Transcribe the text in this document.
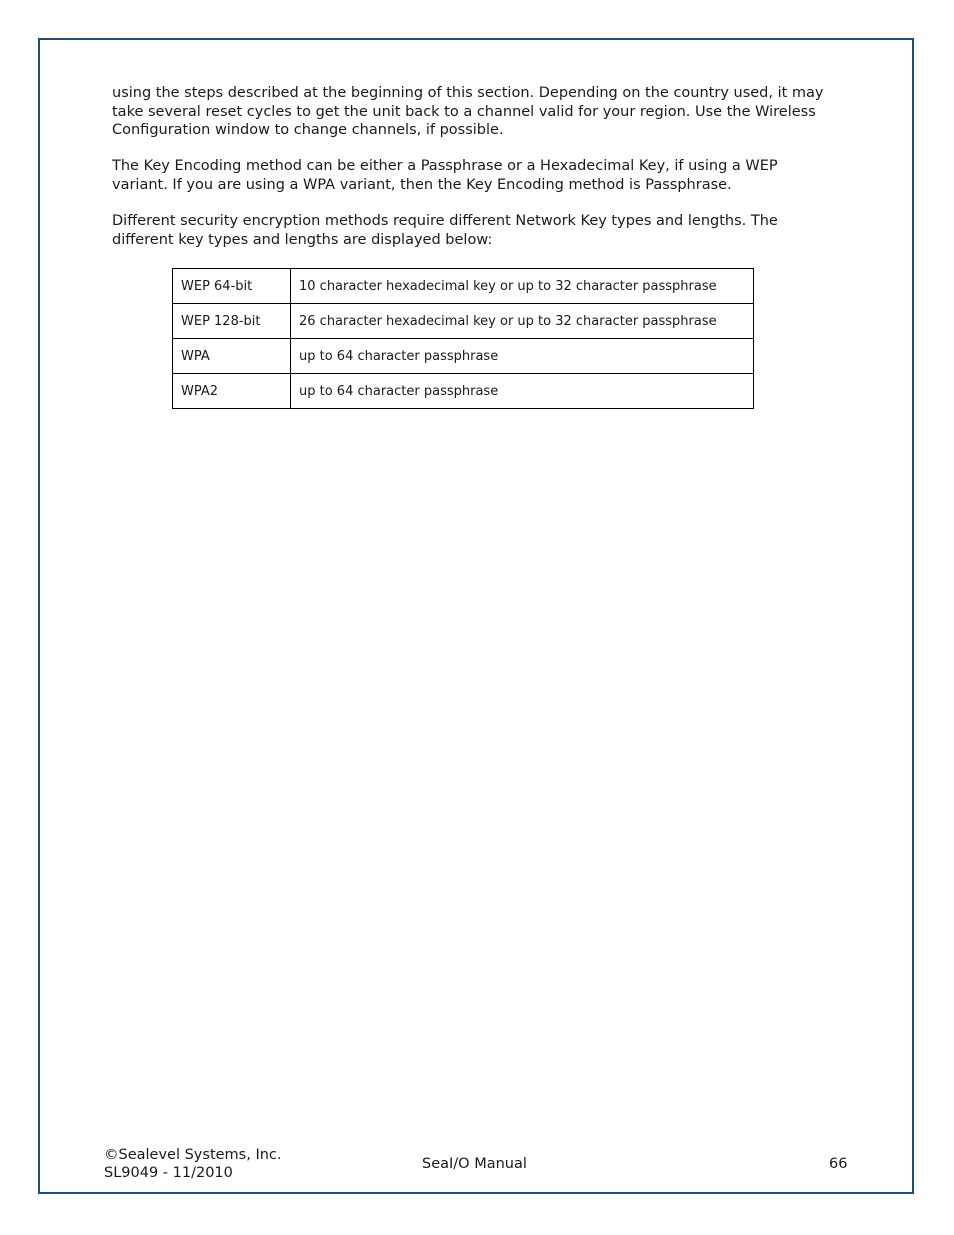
using the steps described at the beginning of this section. Depending on the country used, it may take several reset cycles to get the unit back to a channel valid for your region. Use the Wireless Configuration window to change channels, if possible.

The Key Encoding method can be either a Passphrase or a Hexadecimal Key, if using a WEP variant. If you are using a WPA variant, then the Key Encoding method is Passphrase.

Different security encryption methods require different Network Key types and lengths. The different key types and lengths are displayed below:

WEP 64-bit	10 character hexadecimal key or up to 32 character passphrase
WEP 128-bit	26 character hexadecimal key or up to 32 character passphrase
WPA	up to 64 character passphrase
WPA2	up to 64 character passphrase
©Sealevel Systems, Inc.
SL9049 - 11/2010
SeaI/O Manual	66
